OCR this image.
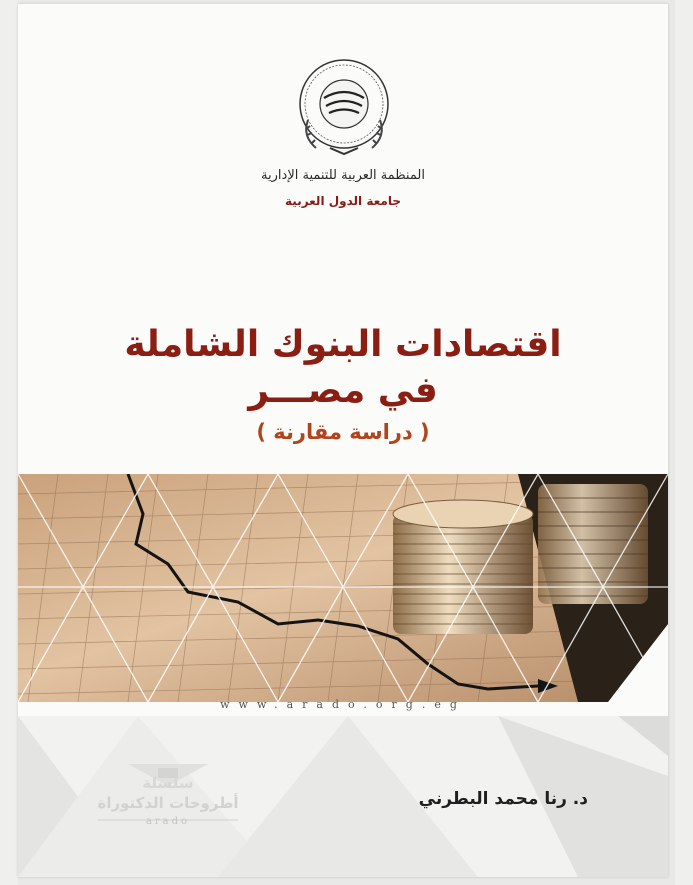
المنظمة العربية للتنمية الإدارية
جامعة الدول العربية
اقتصادات البنوك الشاملة
في مصـــر
( دراسة مقارنة )
www.arado.org.eg
سلسلة
أطروحات الدكتوراة
arado
د. رنا محمد البطرني
